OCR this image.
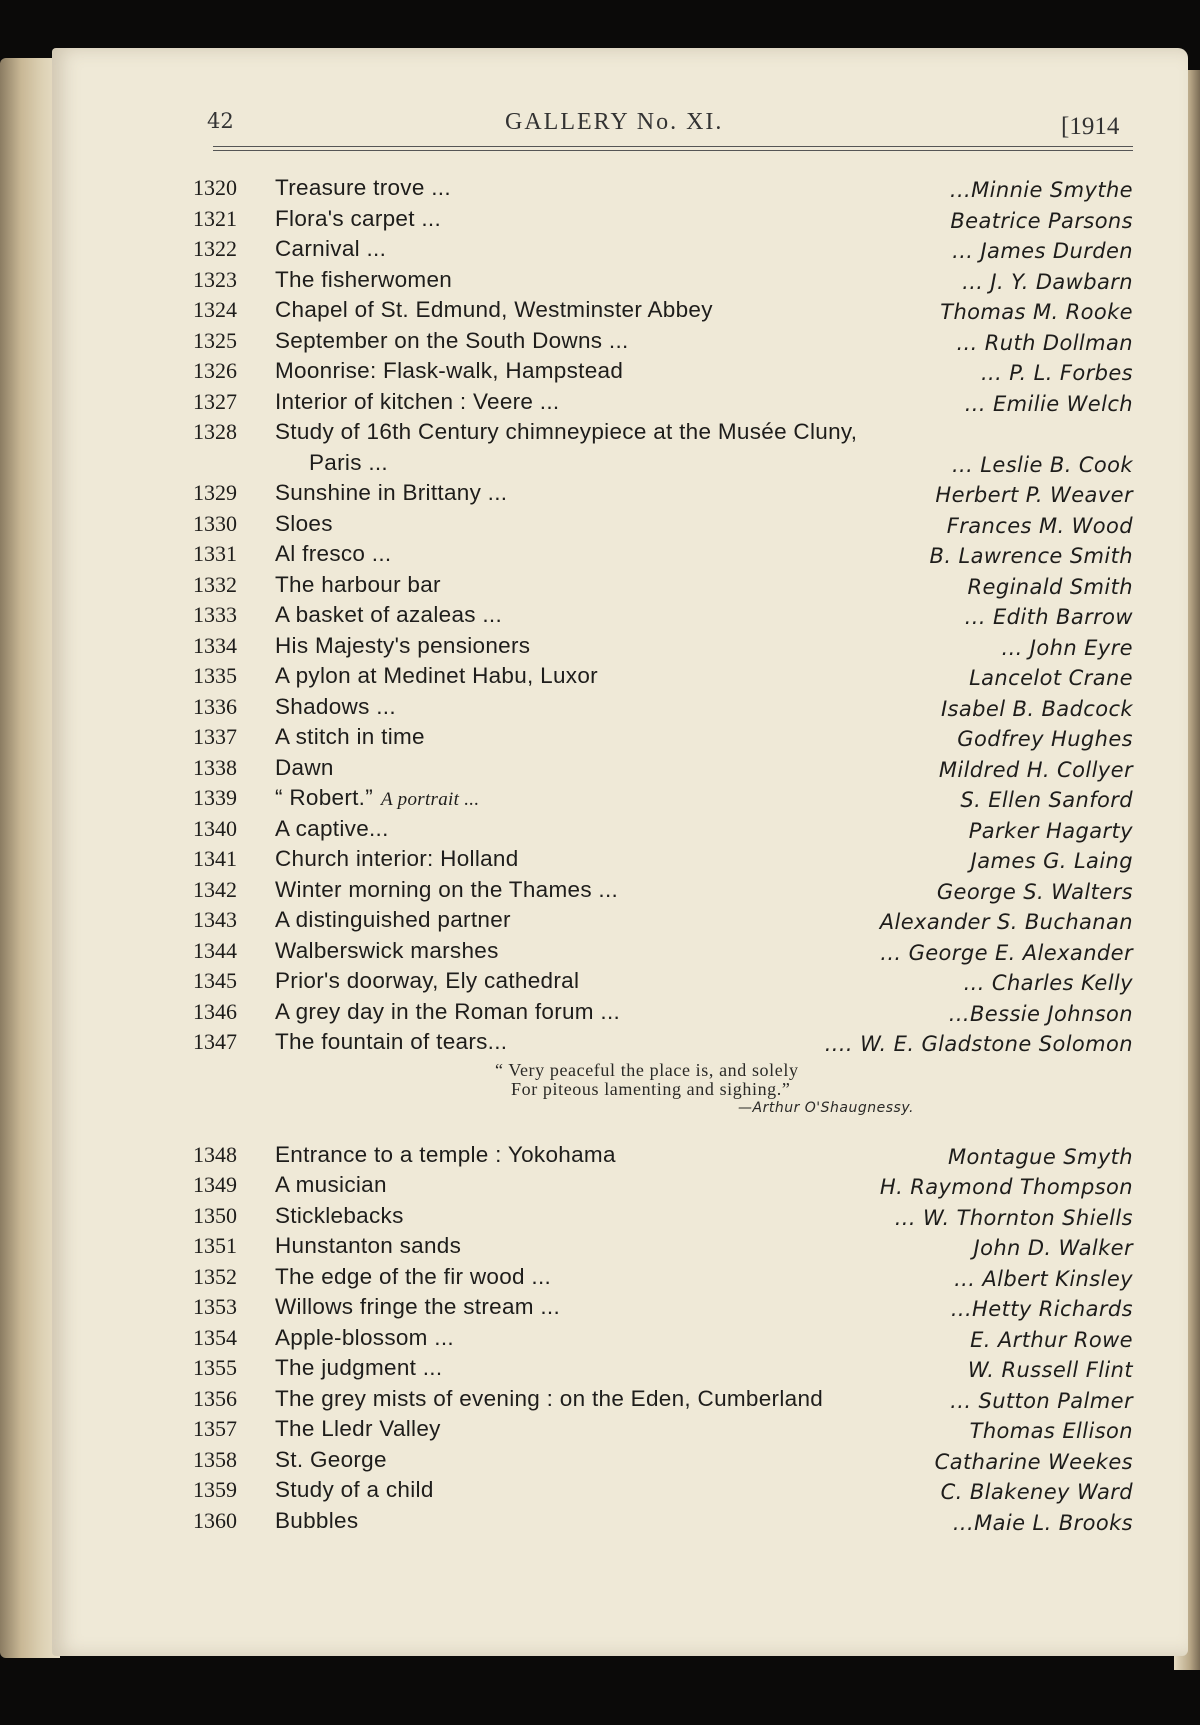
42	GALLERY No. XI.	[1914
1320	Treasure trove ...	...Minnie Smythe
1321	Flora's carpet ...	Beatrice Parsons
1322	Carnival ...	... James Durden
1323	The fisherwomen	... J. Y. Dawbarn
1324	Chapel of St. Edmund, Westminster Abbey	Thomas M. Rooke
1325	September on the South Downs ...	... Ruth Dollman
1326	Moonrise: Flask-walk, Hampstead	... P. L. Forbes
1327	Interior of kitchen : Veere ...	... Emilie Welch
1328	Study of 16th Century chimneypiece at the Musée Cluny,
Paris ...	... Leslie B. Cook
1329	Sunshine in Brittany ...	Herbert P. Weaver
1330	Sloes	Frances M. Wood
1331	Al fresco ...	B. Lawrence Smith
1332	The harbour bar	Reginald Smith
1333	A basket of azaleas ...	... Edith Barrow
1334	His Majesty's pensioners	... John Eyre
1335	A pylon at Medinet Habu, Luxor	Lancelot Crane
1336	Shadows ...	Isabel B. Badcock
1337	A stitch in time	Godfrey Hughes
1338	Dawn	Mildred H. Collyer
1339	“ Robert.” A portrait ...	S. Ellen Sanford
1340	A captive...	Parker Hagarty
1341	Church interior: Holland	James G. Laing
1342	Winter morning on the Thames ...	George S. Walters
1343	A distinguished partner	Alexander S. Buchanan
1344	Walberswick marshes	... George E. Alexander
1345	Prior's doorway, Ely cathedral	... Charles Kelly
1346	A grey day in the Roman forum ...	...Bessie Johnson
1347	The fountain of tears...	.... W. E. Gladstone Solomon
“ Very peaceful the place is, and solely
For piteous lamenting and sighing.”
—Arthur O'Shaugnessy.
1348	Entrance to a temple : Yokohama	Montague Smyth
1349	A musician	H. Raymond Thompson
1350	Sticklebacks	... W. Thornton Shiells
1351	Hunstanton sands	John D. Walker
1352	The edge of the fir wood ...	... Albert Kinsley
1353	Willows fringe the stream ...	...Hetty Richards
1354	Apple-blossom ...	E. Arthur Rowe
1355	The judgment ...	W. Russell Flint
1356	The grey mists of evening : on the Eden, Cumberland	... Sutton Palmer
1357	The Lledr Valley	Thomas Ellison
1358	St. George	Catharine Weekes
1359	Study of a child	C. Blakeney Ward
1360	Bubbles	...Maie L. Brooks
